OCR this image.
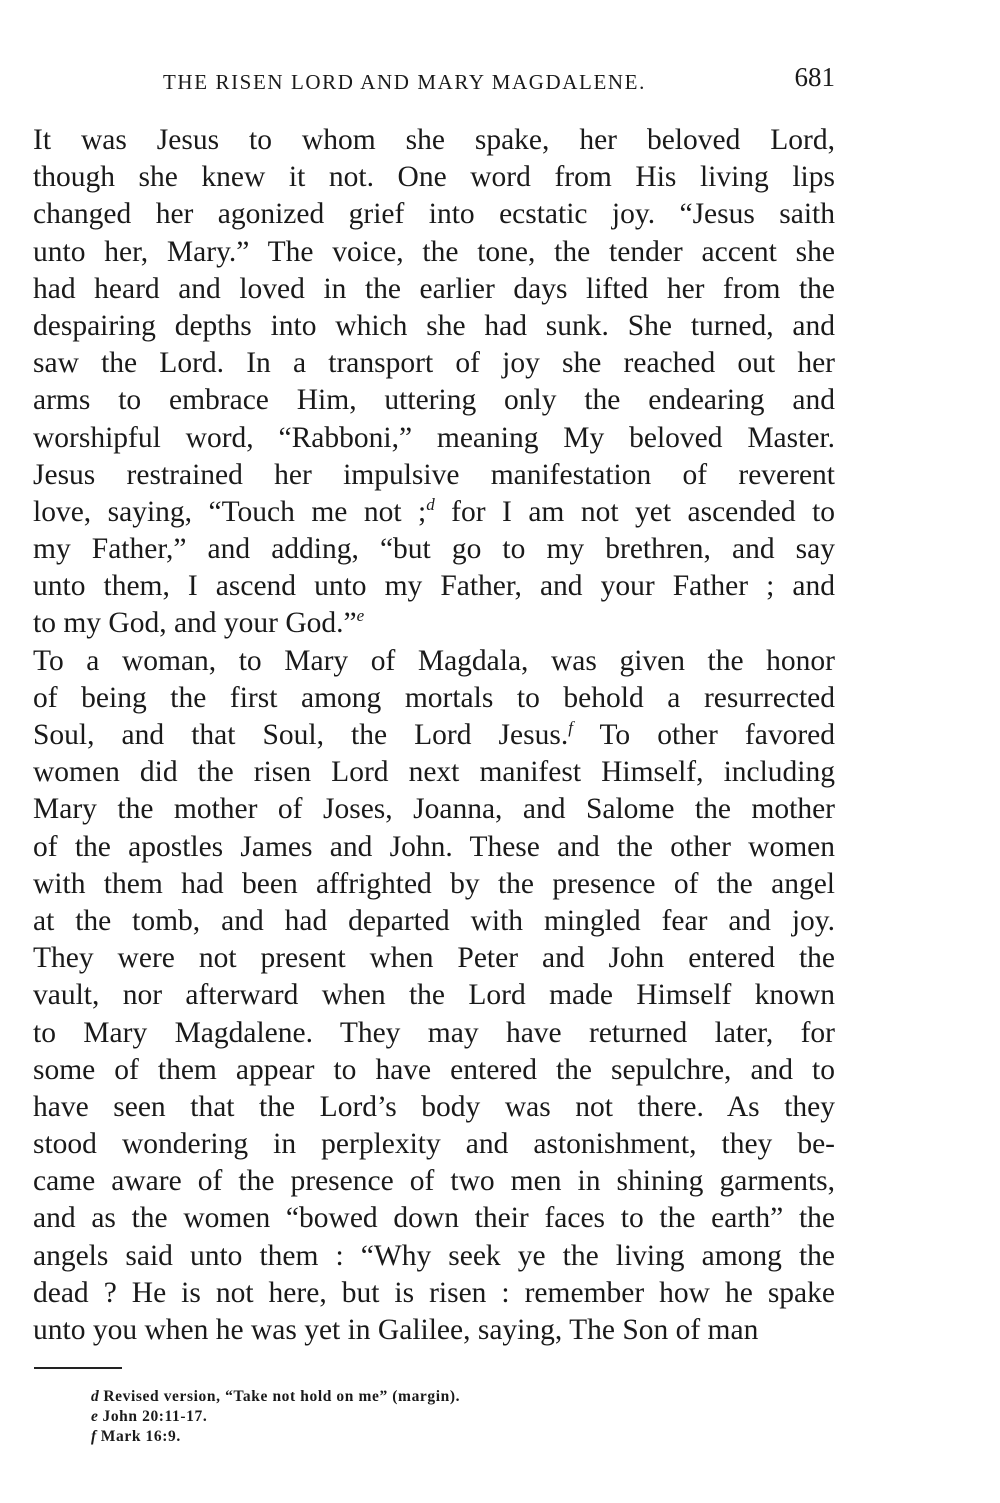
THE RISEN LORD AND MARY MAGDALENE.	681
It was Jesus to whom she spake, her beloved Lord,
though she knew it not. One word from His living lips
changed her agonized grief into ecstatic joy. “Jesus saith
unto her, Mary.” The voice, the tone, the tender accent she
had heard and loved in the earlier days lifted her from the
despairing depths into which she had sunk. She turned, and
saw the Lord. In a transport of joy she reached out her
arms to embrace Him, uttering only the endearing and
worshipful word, “Rabboni,” meaning My beloved Master.
Jesus restrained her impulsive manifestation of reverent
love, saying, “Touch me not ;$^d$ for I am not yet ascended to
my Father,” and adding, “but go to my brethren, and say
unto them, I ascend unto my Father, and your Father ; and
to my God, and your God.”$^e$
To a woman, to Mary of Magdala, was given the honor
of being the first among mortals to behold a resurrected
Soul, and that Soul, the Lord Jesus.$^f$ To other favored
women did the risen Lord next manifest Himself, including
Mary the mother of Joses, Joanna, and Salome the mother
of the apostles James and John. These and the other women
with them had been affrighted by the presence of the angel
at the tomb, and had departed with mingled fear and joy.
They were not present when Peter and John entered the
vault, nor afterward when the Lord made Himself known
to Mary Magdalene. They may have returned later, for
some of them appear to have entered the sepulchre, and to
have seen that the Lord’s body was not there. As they
stood wondering in perplexity and astonishment, they be-
came aware of the presence of two men in shining garments,
and as the women “bowed down their faces to the earth” the
angels said unto them : “Why seek ye the living among the
dead ? He is not here, but is risen : remember how he spake
unto you when he was yet in Galilee, saying, The Son of man
d Revised version, “Take not hold on me” (margin).
e John 20:11-17.
f Mark 16:9.
